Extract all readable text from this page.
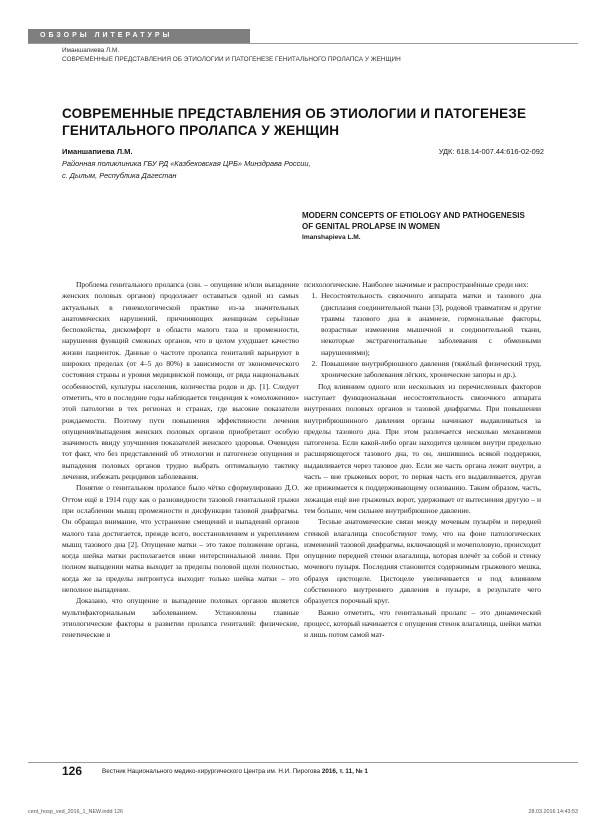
ОБЗОРЫ ЛИТЕРАТУРЫ
Иманшапиева Л.М.
СОВРЕМЕННЫЕ ПРЕДСТАВЛЕНИЯ ОБ ЭТИОЛОГИИ И ПАТОГЕНЕЗЕ ГЕНИТАЛЬНОГО ПРОЛАПСА У ЖЕНЩИН
СОВРЕМЕННЫЕ ПРЕДСТАВЛЕНИЯ ОБ ЭТИОЛОГИИ И ПАТОГЕНЕЗЕ
ГЕНИТАЛЬНОГО ПРОЛАПСА У ЖЕНЩИН
Иманшапиева Л.М.
Районная поликлиника ГБУ РД «Казбековская ЦРБ» Минздрава России,
с. Дылым, Республика Дагестан
УДК: 618.14-007.44:616-02-092
MODERN CONCEPTS OF ETIOLOGY AND PATHOGENESIS
OF GENITAL PROLAPSE IN WOMEN
Imanshapieva L.M.

Проблема генитального пролапса (син. – опущение и/или выпадение женских половых органов) продолжает оставаться одной из самых актуальных в гинекологической практике из-за значительных анатомических нарушений, причиняющих женщинам серьёзные беспокойства, дискомфорт в области малого таза и промежности, нарушения функций смежных органов, что в целом ухудшает качество жизни пациенток. Данные о частоте пролапса гениталий варьируют в широких пределах (от 4–5 до 80%) в зависимости от экономического состояния страны и уровня медицинской помощи, от ряда национальных особенностей, культуры населения, количества родов и др. [1]. Следует отметить, что в последние годы наблюдается тенденция к «омоложению» этой патологии в тех регионах и странах, где высокие показатели рождаемости. Поэтому пути повышения эффективности лечения опущения/выпадения женских половых органов приобретают особую значимость ввиду улучшения показателей женского здоровья. Очевиден тот факт, что без представлений об этиологии и патогенезе опущения и выпадения половых органов трудно выбрать оптимальную тактику лечения, избежать рецидивов заболевания.

Понятие о генитальном пролапсе было чётко сформулировано Д.О. Оттом ещё в 1914 году как о разновидности тазовой генитальной грыжи при ослаблении мышц промежности и дисфункции тазовой диафрагмы. Он обращал внимание, что устранение смещений и выпадений органов малого таза достигается, прежде всего, восстановлением и укреплением мышц тазового дна [2]. Опущение матки – это такое положение органа, когда шейка матки располагается ниже интерспинальной линии. При полном выпадении матка выходит за пределы половой щели полностью, когда же за пределы интроитуса выходит только шейка матки – это неполное выпадение.

Доказано, что опущение и выпадение половых органов является мультифакториальным заболеванием. Установлены главные этиологические факторы в развитии пролапса гениталий: физические, генетические и

психологические. Наиболее значимые и распространённые среди них:

1. Несостоятельность связочного аппарата матки и тазового дна (дисплазия соединительной ткани [3], родовой травматизм и другие травмы тазового дна в анамнезе, гормональные факторы, возрастные изменения мышечной и соединительной ткани, некоторые экстрагенитальные заболевания с обменными нарушениями);
2. Повышение внутрибрюшного давления (тяжёлый физический труд, хронические заболевания лёгких, хронические запоры и др.).

Под влиянием одного или нескольких из перечисленных факторов наступает функциональная несостоятельность связочного аппарата внутренних половых органов и тазовой диафрагмы. При повышении внутрибрюшинного давления органы начинают выдавливаться за пределы тазового дна. При этом различается несколько механизмов патогенеза. Если какой-либо орган находится целиком внутри предельно расширяющегося тазового дна, то он, лишившись всякой поддержки, выдавливается через тазовое дно. Если же часть органа лежит внутри, а часть – вне грыжевых ворот, то первая часть его выдавливается, другая же прижимается к поддерживающему основанию. Таким образом, часть, лежащая ещё вне грыжевых ворот, удерживает от вытеснения другую – и тем больше, чем сильнее внутрибрюшное давление.

Тесные анатомические связи между мочевым пузырём и передней стенкой влагалища способствуют тому, что на фоне патологических изменений тазовой диафрагмы, включающей и мочеполовую, происходит опущение передней стенки влагалища, которая влечёт за собой и стенку мочевого пузыря. Последняя становится содержимым грыжевого мешка, образуя цистоцеле. Цистоцеле увеличивается и под влиянием собственного внутреннего давления в пузыре, в результате чего образуется порочный круг.

Важно отметить, что генитальный пролапс – это динамический процесс, который начинается с опущения стенок влагалища, шейки матки и лишь потом самой мат-

126	Вестник Национального медико-хирургического Центра им. Н.И. Пирогова 2016, т. 11, № 1
cent_hosp_ved_2016_1_NEW.indd 126	28.03.2016 14:43:53
